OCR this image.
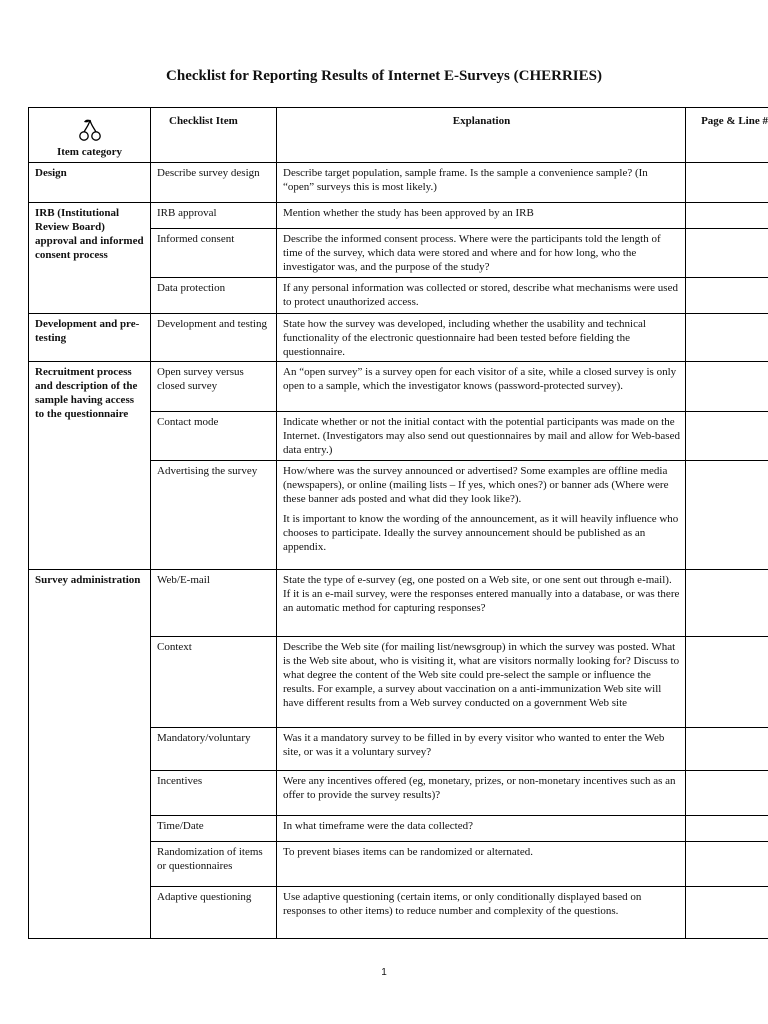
Checklist for Reporting Results of Internet E-Surveys (CHERRIES)
Item category	Checklist Item	Explanation	Page & Line #
Design	Describe survey design	Describe target population, sample frame. Is the sample a convenience sample? (In “open” surveys this is most likely.)	

IRB (Institutional Review Board) approval and informed consent process	IRB approval	Mention whether the study has been approved by an IRB	

	Informed consent	Describe the informed consent process. Where were the participants told the length of time of the survey, which data were stored and where and for how long, who the investigator was, and the purpose of the study?	

	Data protection	If any personal information was collected or stored, describe what mechanisms were used to protect unauthorized access.	

Development and pre-testing	Development and testing	State how the survey was developed, including whether the usability and technical functionality of the electronic questionnaire had been tested before fielding the questionnaire.	

Recruitment process and description of the sample having access to the questionnaire	Open survey versus closed survey	An “open survey” is a survey open for each visitor of a site, while a closed survey is only open to a sample, which the investigator knows (password-protected survey).	

	Contact mode	Indicate whether or not the initial contact with the potential participants was made on the Internet. (Investigators may also send out questionnaires by mail and allow for Web-based data entry.)	

	Advertising the survey	How/where was the survey announced or advertised? Some examples are offline media (newspapers), or online (mailing lists – If yes, which ones?) or banner ads (Where were these banner ads posted and what did they look like?).

It is important to know the wording of the announcement, as it will heavily influence who chooses to participate. Ideally the survey announcement should be published as an appendix.	

Survey administration	Web/E-mail	State the type of e-survey (eg, one posted on a Web site, or one sent out through e-mail). If it is an e-mail survey, were the responses entered manually into a database, or was there an automatic method for capturing responses?	

	Context	Describe the Web site (for mailing list/newsgroup) in which the survey was posted. What is the Web site about, who is visiting it, what are visitors normally looking for? Discuss to what degree the content of the Web site could pre-select the sample or influence the results. For example, a survey about vaccination on a anti-immunization Web site will have different results from a Web survey conducted on a government Web site	

	Mandatory/voluntary	Was it a mandatory survey to be filled in by every visitor who wanted to enter the Web site, or was it a voluntary survey?	

	Incentives	Were any incentives offered (eg, monetary, prizes, or non-monetary incentives such as an offer to provide the survey results)?	

	Time/Date	In what timeframe were the data collected?	

	Randomization of items or questionnaires	To prevent biases items can be randomized or alternated.	

	Adaptive questioning	Use adaptive questioning (certain items, or only conditionally displayed based on responses to other items) to reduce number and complexity of the questions.	

1
